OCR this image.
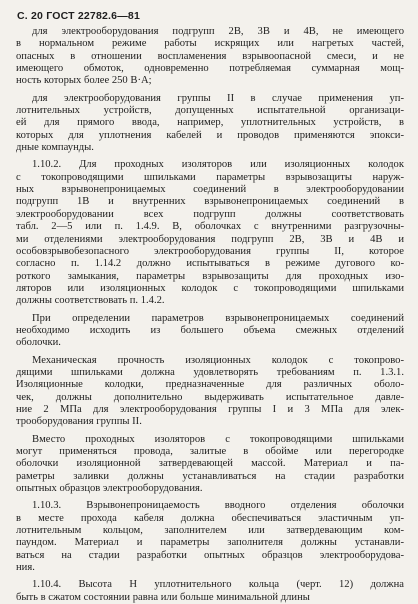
С. 20 ГОСТ 22782.6—81
для электрооборудования подгрупп 2В, 3В и 4В, не имеющего
в нормальном режиме работы искрящих или нагретых частей,
опасных в отношении воспламенения взрывоопасной смеси, и не
имеющего обмоток, одновременно потребляемая суммарная мощ-
ность которых более 250 В·А;
для электрооборудования группы II в случае применения уп-
лотнительных устройств, допущенных испытательной организаци-
ей для прямого ввода, например, уплотнительных устройств, в
которых для уплотнения кабелей и проводов применяются эпокси-
дные компаунды.
1.10.2. Для проходных изоляторов или изоляционных колодок
с токопроводящими шпильками параметры взрывозащиты наруж-
ных взрывонепроницаемых соединений в электрооборудовании
подгрупп 1В и внутренних взрывонепроницаемых соединений в
электрооборудовании всех подгрупп должны соответствовать
табл. 2—5 или п. 1.4.9. В, оболочках с внутренними разгрузочны-
ми отделениями электрооборудования подгрупп 2В, 3В и 4В и
особовзрывобезопасного электрооборудования группы II, которое
согласно п. 1.14.2 должно испытываться в режиме дугового ко-
роткого замыкания, параметры взрывозащиты для проходных изо-
ляторов или изоляционных колодок с токопроводящими шпильками
должны соответствовать п. 1.4.2.
При определении параметров взрывонепроницаемых соединений
необходимо исходить из большего объема смежных отделений
оболочки.
Механическая прочность изоляционных колодок с токопрово-
дящими шпильками должна удовлетворять требованиям п. 1.3.1.
Изоляционные колодки, предназначенные для различных оболо-
чек, должны дополнительно выдерживать испытательное давле-
ние 2 МПа для электрооборудования группы I и 3 МПа для элек-
трооборудования группы II.
Вместо проходных изоляторов с токопроводящими шпильками
могут применяться провода, залитые в обойме или перегородке
оболочки изоляционной затвердевающей массой. Материал и па-
раметры заливки должны устанавливаться на стадии разработки
опытных образцов электрооборудования.
1.10.3. Взрывонепроницаемость вводного отделения оболочки
в месте прохода кабеля должна обеспечиваться эластичным уп-
лотнительным кольцом, заполнителем или затвердевающим ком-
паундом. Материал и параметры заполнителя должны устанавли-
ваться на стадии разработки опытных образцов электрооборудова-
ния.
1.10.4. Высота Н уплотнительного кольца (черт. 12) должна
быть в сжатом состоянии равна или больше минимальной длины
